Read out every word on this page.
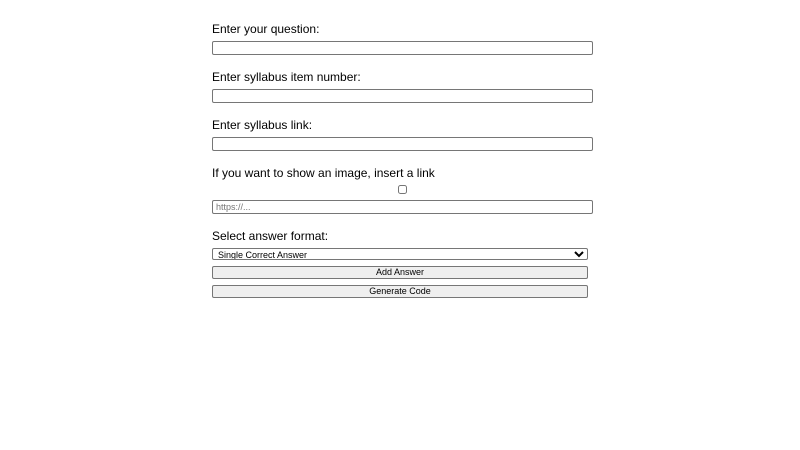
Enter your question:
Enter syllabus item number:
Enter syllabus link:
If you want to show an image, insert a link
https://...
Select answer format:
Single Correct Answer
Add Answer
Generate Code
